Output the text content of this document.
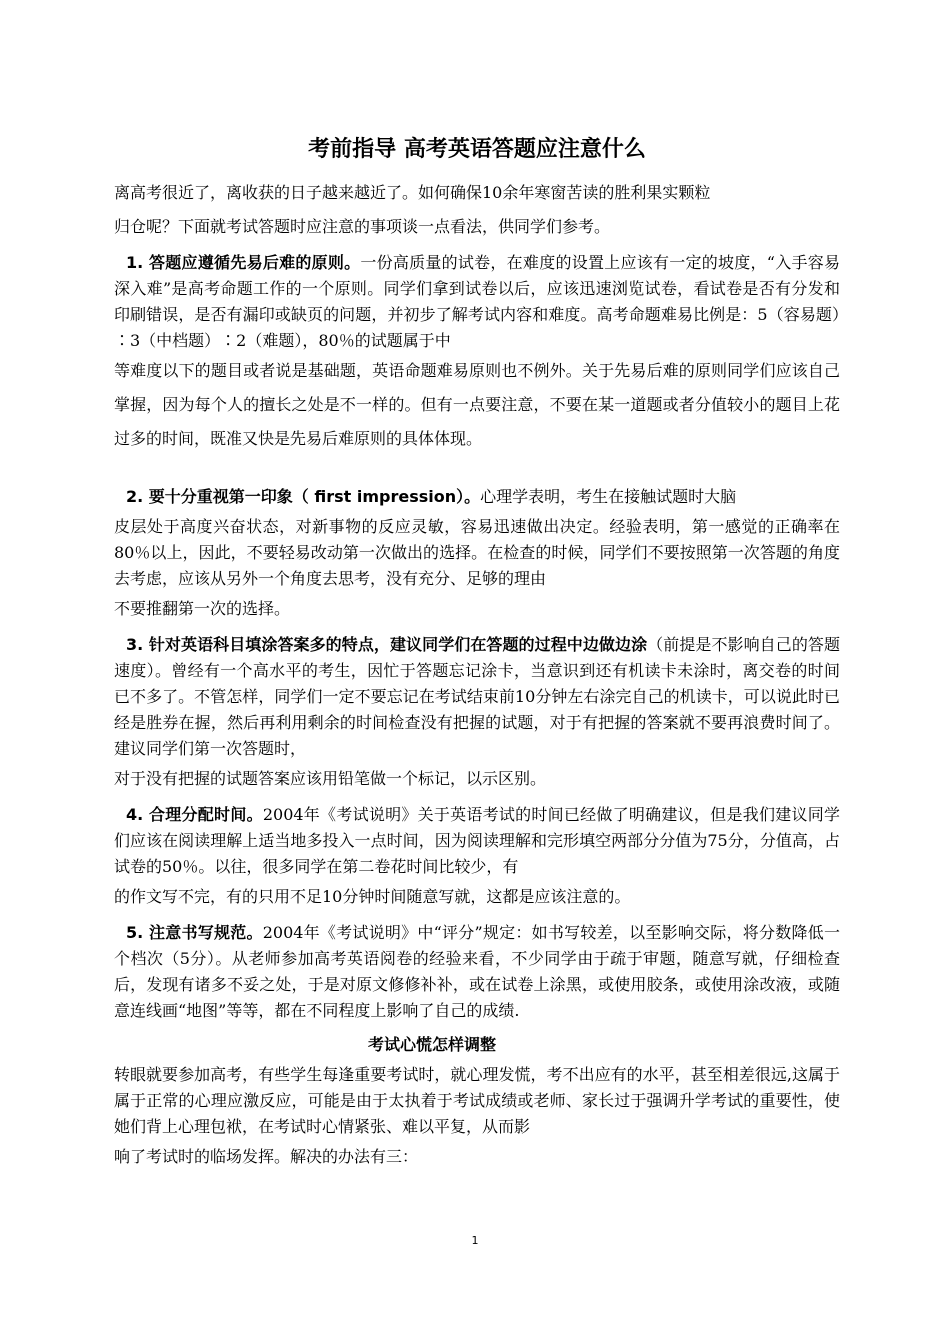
考前指导 高考英语答题应注意什么

离高考很近了，离收获的日子越来越近了。如何确保10余年寒窗苦读的胜利果实颗粒

归仓呢？下面就考试答题时应注意的事项谈一点看法，供同学们参考。

1. 答题应遵循先易后难的原则。一份高质量的试卷，在难度的设置上应该有一定的坡度，“入手容易深入难”是高考命题工作的一个原则。同学们拿到试卷以后，应该迅速浏览试卷，看试卷是否有分发和印刷错误，是否有漏印或缺页的问题，并初步了解考试内容和难度。高考命题难易比例是：5（容易题）∶3（中档题）∶2（难题），80％的试题属于中

等难度以下的题目或者说是基础题，英语命题难易原则也不例外。关于先易后难的原则同学们应该自己掌握，因为每个人的擅长之处是不一样的。但有一点要注意，不要在某一道题或者分值较小的题目上花过多的时间，既准又快是先易后难原则的具体体现。

2. 要十分重视第一印象（ first impression）。心理学表明，考生在接触试题时大脑

皮层处于高度兴奋状态，对新事物的反应灵敏，容易迅速做出决定。经验表明，第一感觉的正确率在80％以上，因此，不要轻易改动第一次做出的选择。在检查的时候，同学们不要按照第一次答题的角度去考虑，应该从另外一个角度去思考，没有充分、足够的理由

不要推翻第一次的选择。

3. 针对英语科目填涂答案多的特点，建议同学们在答题的过程中边做边涂（前提是不影响自己的答题速度）。曾经有一个高水平的考生，因忙于答题忘记涂卡，当意识到还有机读卡未涂时，离交卷的时间已不多了。不管怎样，同学们一定不要忘记在考试结束前10分钟左右涂完自己的机读卡，可以说此时已经是胜券在握，然后再利用剩余的时间检查没有把握的试题，对于有把握的答案就不要再浪费时间了。建议同学们第一次答题时，

对于没有把握的试题答案应该用铅笔做一个标记，以示区别。

4. 合理分配时间。2004年《考试说明》关于英语考试的时间已经做了明确建议，但是我们建议同学们应该在阅读理解上适当地多投入一点时间，因为阅读理解和完形填空两部分分值为75分，分值高，占试卷的50％。以往，很多同学在第二卷花时间比较少，有

的作文写不完，有的只用不足10分钟时间随意写就，这都是应该注意的。

5. 注意书写规范。2004年《考试说明》中“评分”规定：如书写较差，以至影响交际，将分数降低一个档次（5分）。从老师参加高考英语阅卷的经验来看，不少同学由于疏于审题，随意写就，仔细检查后，发现有诸多不妥之处，于是对原文修修补补，或在试卷上涂黑，或使用胶条，或使用涂改液，或随意连线画“地图”等等，都在不同程度上影响了自己的成绩.

考试心慌怎样调整

转眼就要参加高考，有些学生每逢重要考试时，就心理发慌，考不出应有的水平，甚至相差很远,这属于属于正常的心理应激反应，可能是由于太执着于考试成绩或老师、家长过于强调升学考试的重要性，使她们背上心理包袱，在考试时心情紧张、难以平复，从而影

响了考试时的临场发挥。解决的办法有三：

1
